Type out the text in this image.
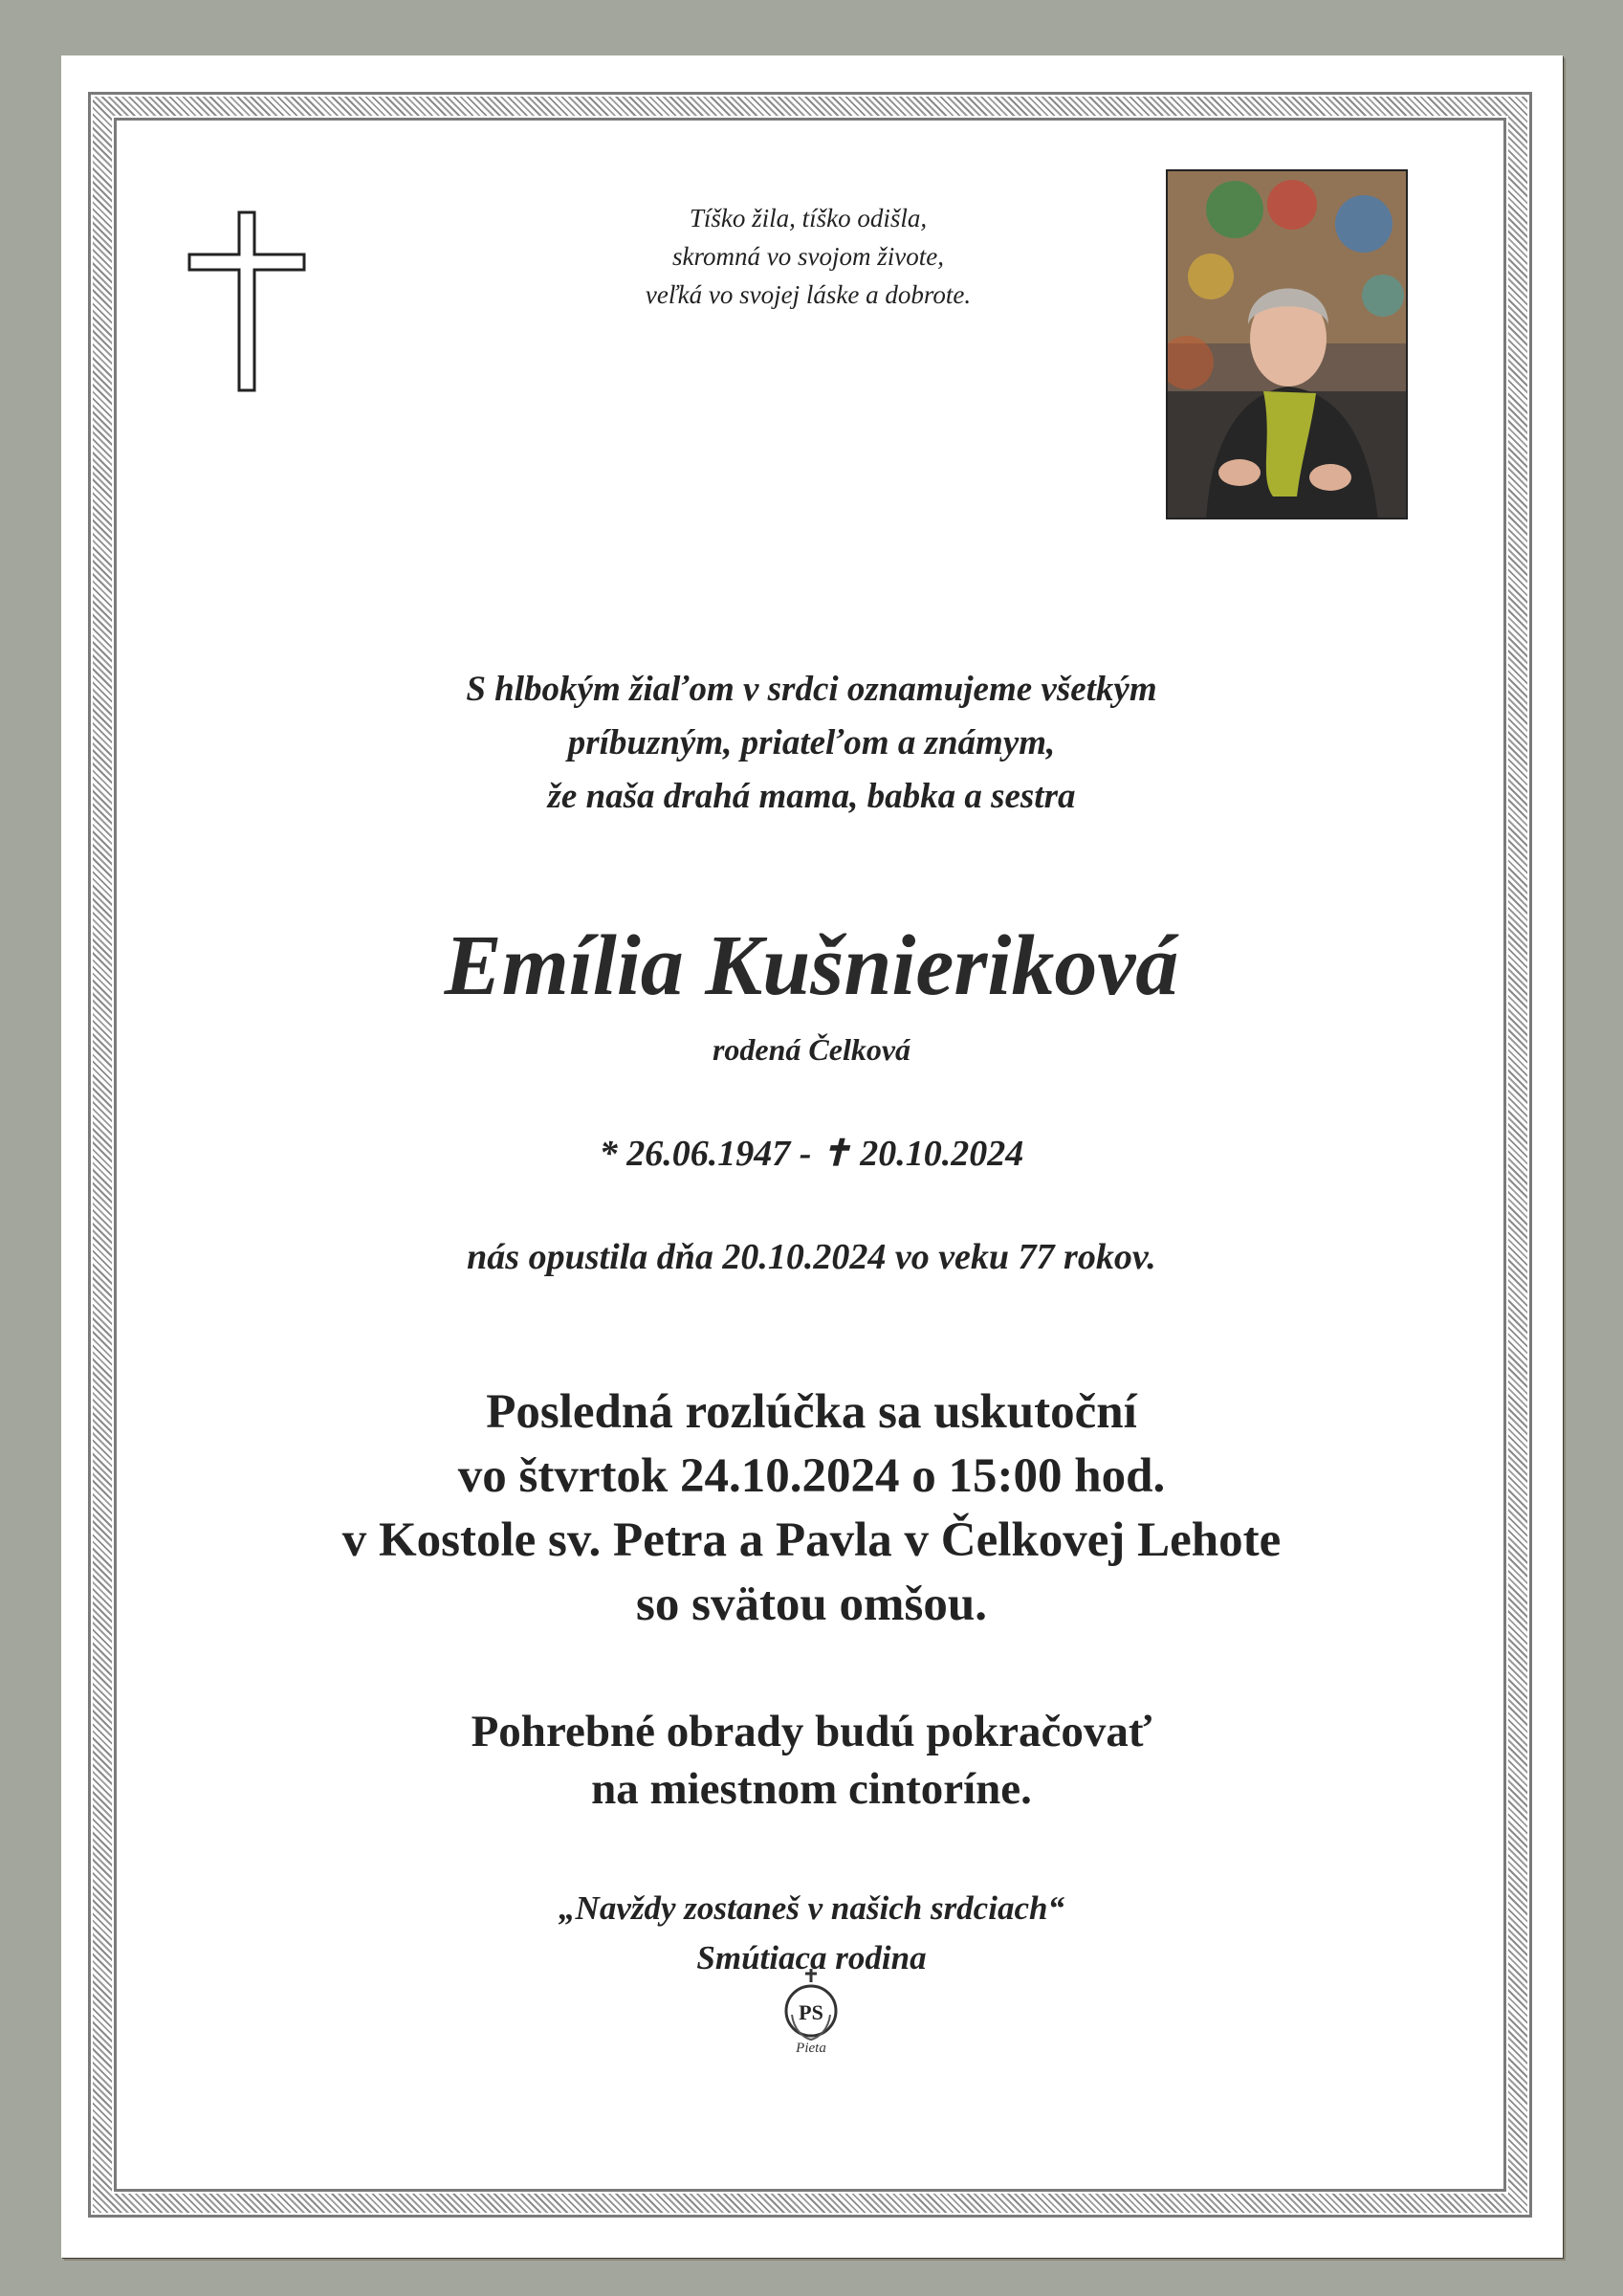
Tíško žila, tíško odišla,
skromná vo svojom živote,
veľká vo svojej láske a dobrote.
S hlbokým žiaľom v srdci oznamujeme všetkým
príbuzným, priateľom a známym,
že naša drahá mama, babka a sestra
Emília Kušnieriková
rodená Čelková
* 26.06.1947 - ✝ 20.10.2024
nás opustila dňa 20.10.2024 vo veku 77 rokov.
Posledná rozlúčka sa uskutoční
vo štvrtok 24.10.2024 o 15:00 hod.
v Kostole sv. Petra a Pavla v Čelkovej Lehote
so svätou omšou.
Pohrebné obrady budú pokračovať
na miestnom cintoríne.
„Navždy zostaneš v našich srdciach“
Smútiaca rodina
PS
Pieta
